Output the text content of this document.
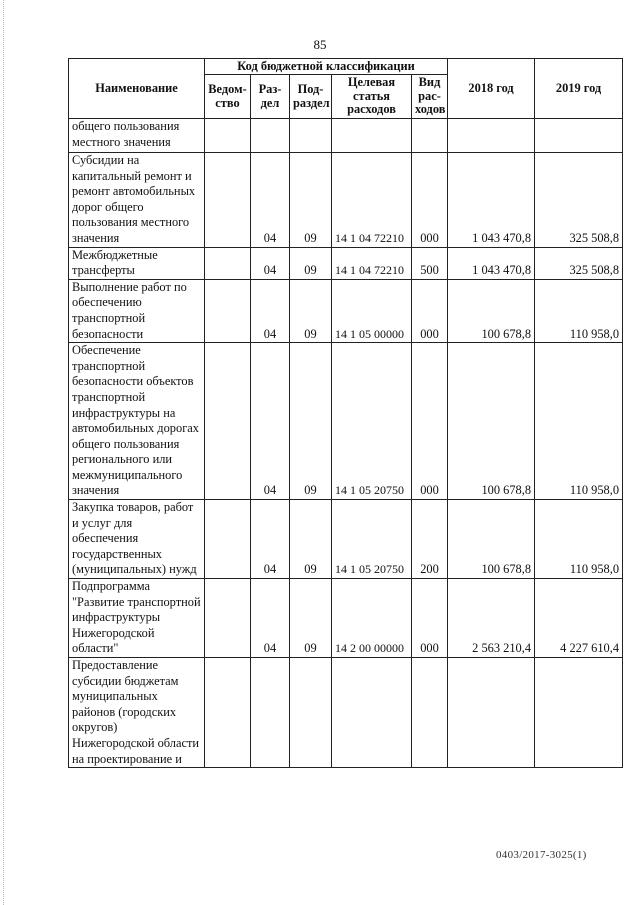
85
Наименование	Код бюджетной классификации					2018 год	2019 год
	Ведом-ство	Раз-дел	Под-раздел	Целевая статья расходов	Вид рас-ходов		
общего пользования местного значения							
Субсидии на капитальный ремонт и ремонт автомобильных дорог общего пользования местного значения		04	09	14 1 04 72210	000	1 043 470,8	325 508,8
Межбюджетные трансферты		04	09	14 1 04 72210	500	1 043 470,8	325 508,8
Выполнение работ по обеспечению транспортной безопасности		04	09	14 1 05 00000	000	100 678,8	110 958,0
Обеспечение транспортной безопасности объектов транспортной инфраструктуры на автомобильных дорогах общего пользования регионального или межмуниципального значения		04	09	14 1 05 20750	000	100 678,8	110 958,0
Закупка товаров, работ и услуг для обеспечения государственных (муниципальных) нужд		04	09	14 1 05 20750	200	100 678,8	110 958,0
Подпрограмма "Развитие транспортной инфраструктуры Нижегородской области"		04	09	14 2 00 00000	000	2 563 210,4	4 227 610,4
Предоставление субсидии бюджетам муниципальных районов (городских округов) Нижегородской области на проектирование и							
0403/2017-3025(1)
